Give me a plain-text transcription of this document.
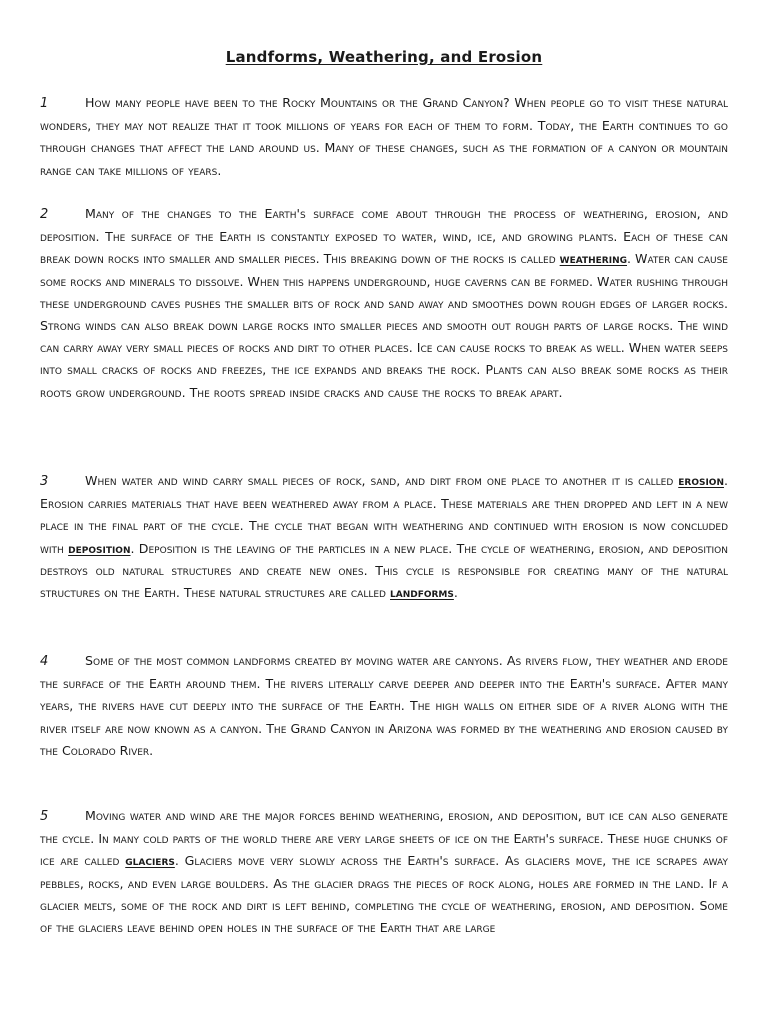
Landforms, Weathering, and Erosion
1	How many people have been to the Rocky Mountains or the Grand Canyon? When people go to visit these natural wonders, they may not realize that it took millions of years for each of them to form. Today, the Earth continues to go through changes that affect the land around us. Many of these changes, such as the formation of a canyon or mountain range can take millions of years.
2	Many of the changes to the Earth's surface come about through the process of weathering, erosion, and deposition. The surface of the Earth is constantly exposed to water, wind, ice, and growing plants. Each of these can break down rocks into smaller and smaller pieces. This breaking down of the rocks is called weathering. Water can cause some rocks and minerals to dissolve. When this happens underground, huge caverns can be formed. Water rushing through these underground caves pushes the smaller bits of rock and sand away and smoothes down rough edges of larger rocks. Strong winds can also break down large rocks into smaller pieces and smooth out rough parts of large rocks. The wind can carry away very small pieces of rocks and dirt to other places. Ice can cause rocks to break as well. When water seeps into small cracks of rocks and freezes, the ice expands and breaks the rock. Plants can also break some rocks as their roots grow underground. The roots spread inside cracks and cause the rocks to break apart.
3	When water and wind carry small pieces of rock, sand, and dirt from one place to another it is called erosion. Erosion carries materials that have been weathered away from a place. These materials are then dropped and left in a new place in the final part of the cycle. The cycle that began with weathering and continued with erosion is now concluded with deposition. Deposition is the leaving of the particles in a new place. The cycle of weathering, erosion, and deposition destroys old natural structures and create new ones. This cycle is responsible for creating many of the natural structures on the Earth. These natural structures are called landforms.
4	Some of the most common landforms created by moving water are canyons. As rivers flow, they weather and erode the surface of the Earth around them. The rivers literally carve deeper and deeper into the Earth's surface. After many years, the rivers have cut deeply into the surface of the Earth. The high walls on either side of a river along with the river itself are now known as a canyon. The Grand Canyon in Arizona was formed by the weathering and erosion caused by the Colorado River.
5	Moving water and wind are the major forces behind weathering, erosion, and deposition, but ice can also generate the cycle. In many cold parts of the world there are very large sheets of ice on the Earth's surface. These huge chunks of ice are called glaciers. Glaciers move very slowly across the Earth's surface. As glaciers move, the ice scrapes away pebbles, rocks, and even large boulders. As the glacier drags the pieces of rock along, holes are formed in the land. If a glacier melts, some of the rock and dirt is left behind, completing the cycle of weathering, erosion, and deposition. Some of the glaciers leave behind open holes in the surface of the Earth that are large
